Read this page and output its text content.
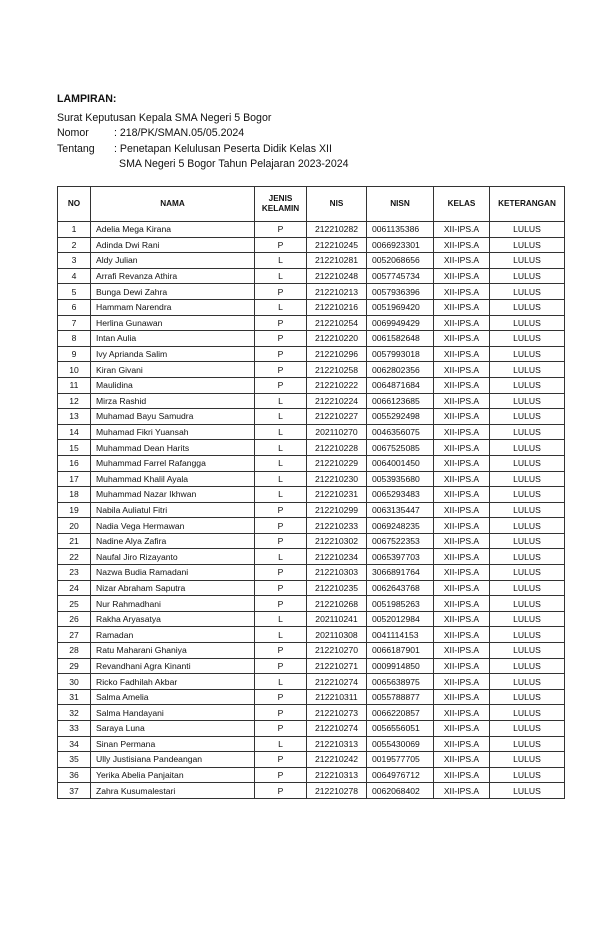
LAMPIRAN:
Surat Keputusan Kepala SMA Negeri 5 Bogor
Nomor	: 218/PK/SMAN.05/05.2024
Tentang	: Penetapan Kelulusan Peserta Didik Kelas XII
SMA Negeri 5 Bogor Tahun Pelajaran 2023-2024
NO	NAMA	JENIS KELAMIN	NIS	NISN	KELAS	KETERANGAN
1	Adelia Mega Kirana	P	212210282	0061135386	XII-IPS.A	LULUS
2	Adinda Dwi Rani	P	212210245	0066923301	XII-IPS.A	LULUS
3	Aldy Julian	L	212210281	0052068656	XII-IPS.A	LULUS
4	Arrafi Revanza Athira	L	212210248	0057745734	XII-IPS.A	LULUS
5	Bunga Dewi Zahra	P	212210213	0057936396	XII-IPS.A	LULUS
6	Hammam Narendra	L	212210216	0051969420	XII-IPS.A	LULUS
7	Herlina Gunawan	P	212210254	0069949429	XII-IPS.A	LULUS
8	Intan Aulia	P	212210220	0061582648	XII-IPS.A	LULUS
9	Ivy Aprianda Salim	P	212210296	0057993018	XII-IPS.A	LULUS
10	Kiran Givani	P	212210258	0062802356	XII-IPS.A	LULUS
11	Maulidina	P	212210222	0064871684	XII-IPS.A	LULUS
12	Mirza Rashid	L	212210224	0066123685	XII-IPS.A	LULUS
13	Muhamad Bayu Samudra	L	212210227	0055292498	XII-IPS.A	LULUS
14	Muhamad Fikri Yuansah	L	202110270	0046356075	XII-IPS.A	LULUS
15	Muhammad Dean Harits	L	212210228	0067525085	XII-IPS.A	LULUS
16	Muhammad Farrel Rafangga	L	212210229	0064001450	XII-IPS.A	LULUS
17	Muhammad Khalil Ayala	L	212210230	0053935680	XII-IPS.A	LULUS
18	Muhammad Nazar Ikhwan	L	212210231	0065293483	XII-IPS.A	LULUS
19	Nabila Auliatul Fitri	P	212210299	0063135447	XII-IPS.A	LULUS
20	Nadia Vega Hermawan	P	212210233	0069248235	XII-IPS.A	LULUS
21	Nadine Alya Zafira	P	212210302	0067522353	XII-IPS.A	LULUS
22	Naufal Jiro Rizayanto	L	212210234	0065397703	XII-IPS.A	LULUS
23	Nazwa Budia Ramadani	P	212210303	3066891764	XII-IPS.A	LULUS
24	Nizar Abraham Saputra	P	212210235	0062643768	XII-IPS.A	LULUS
25	Nur Rahmadhani	P	212210268	0051985263	XII-IPS.A	LULUS
26	Rakha Aryasatya	L	202110241	0052012984	XII-IPS.A	LULUS
27	Ramadan	L	202110308	0041114153	XII-IPS.A	LULUS
28	Ratu Maharani Ghaniya	P	212210270	0066187901	XII-IPS.A	LULUS
29	Revandhani Agra Kinanti	P	212210271	0009914850	XII-IPS.A	LULUS
30	Ricko Fadhilah Akbar	L	212210274	0065638975	XII-IPS.A	LULUS
31	Salma Amelia	P	212210311	0055788877	XII-IPS.A	LULUS
32	Salma Handayani	P	212210273	0066220857	XII-IPS.A	LULUS
33	Saraya Luna	P	212210274	0056556051	XII-IPS.A	LULUS
34	Sinan Permana	L	212210313	0055430069	XII-IPS.A	LULUS
35	Ully Justisiana Pandeangan	P	212210242	0019577705	XII-IPS.A	LULUS
36	Yerika Abelia Panjaitan	P	212210313	0064976712	XII-IPS.A	LULUS
37	Zahra Kusumalestari	P	212210278	0062068402	XII-IPS.A	LULUS
